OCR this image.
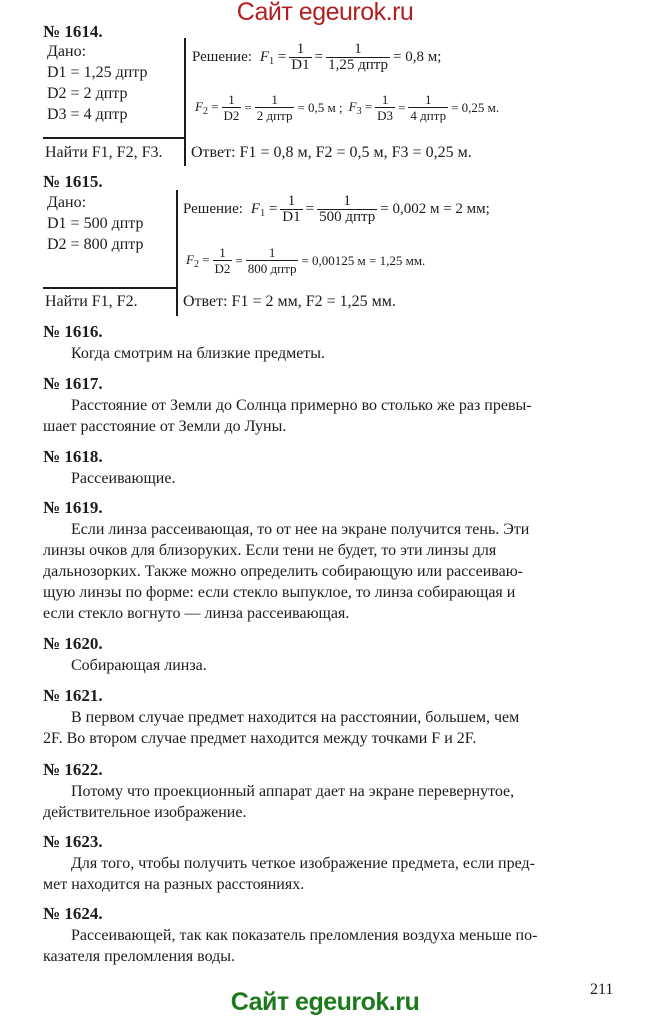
Сайт egeurok.ru
№ 1614.
Дано:
D1 = 1,25 дптр
D2 = 2 дптр
D3 = 4 дптр
Найти F1, F2, F3.
Решение: $F_1 = \frac{1}{D1} = \frac{1}{\text{1,25 дптр}} = 0,8$ м;
$F_2 = \frac{1}{D2} = \frac{1}{\text{2 дптр}} = 0,5$ м ; $F_3 = \frac{1}{D3} = \frac{1}{\text{4 дптр}} = 0,25$ м.
Ответ: F1 = 0,8 м, F2 = 0,5 м, F3 = 0,25 м.
№ 1615.
Дано:
D1 = 500 дптр
D2 = 800 дптр
Найти F1, F2.
Решение: $F_1 = \frac{1}{D1} = \frac{1}{\text{500 дптр}} = 0,002$ м = 2 мм;
$F_2 = \frac{1}{D2} = \frac{1}{\text{800 дптр}} = 0,00125$ м = 1,25 мм.
Ответ: F1 = 2 мм, F2 = 1,25 мм.
№ 1616.
Когда смотрим на близкие предметы.
№ 1617.
Расстояние от Земли до Солнца примерно во столько же раз превы-
шает расстояние от Земли до Луны.
№ 1618.
Рассеивающие.
№ 1619.
Если линза рассеивающая, то от нее на экране получится тень. Эти
линзы очков для близоруких. Если тени не будет, то эти линзы для
дальнозорких. Также можно определить собирающую или рассеиваю-
щую линзы по форме: если стекло выпуклое, то линза собирающая и
если стекло вогнуто — линза рассеивающая.
№ 1620.
Собирающая линза.
№ 1621.
В первом случае предмет находится на расстоянии, большем, чем
2F. Во втором случае предмет находится между точками F и 2F.
№ 1622.
Потому что проекционный аппарат дает на экране перевернутое,
действительное изображение.
№ 1623.
Для того, чтобы получить четкое изображение предмета, если пред-
мет находится на разных расстояниях.
№ 1624.
Рассеивающей, так как показатель преломления воздуха меньше по-
казателя преломления воды.
211
Сайт egeurok.ru
